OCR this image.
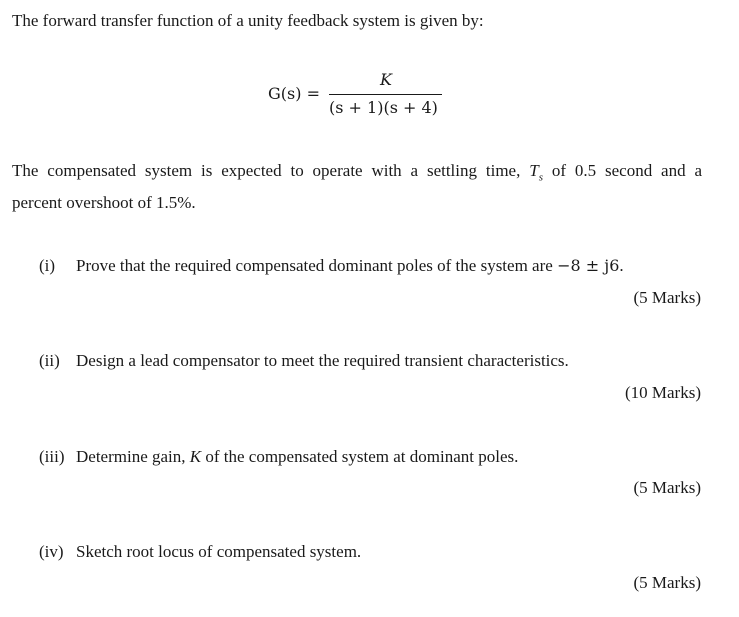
The forward transfer function of a unity feedback system is given by:
G(s) =
K
(s + 1)(s + 4)
The compensated system is expected to operate with a settling time, $T_s$ of 0.5 second and a
percent overshoot of 1.5%.
(i) Prove that the required compensated dominant poles of the system are −8 ± j6.
(5 Marks)
(ii) Design a lead compensator to meet the required transient characteristics.
(10 Marks)
(iii) Determine gain, K of the compensated system at dominant poles.
(5 Marks)
(iv) Sketch root locus of compensated system.
(5 Marks)
